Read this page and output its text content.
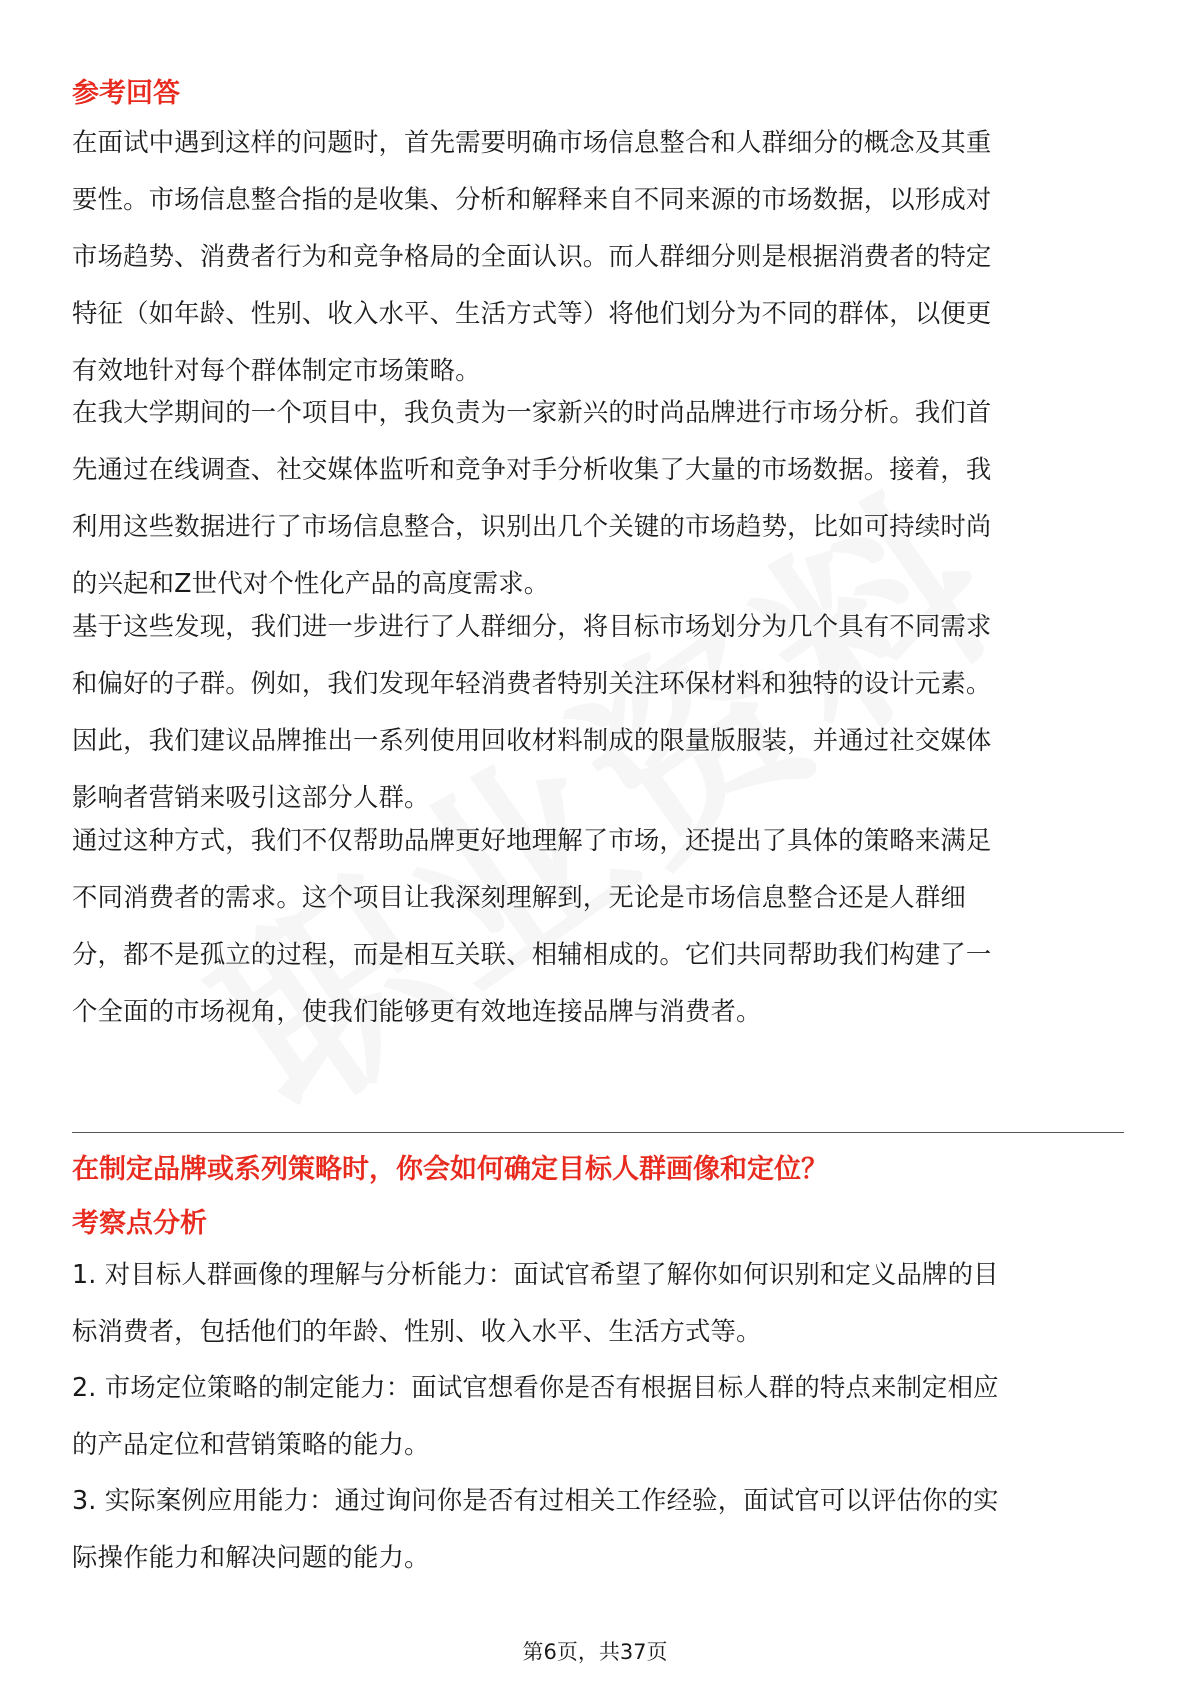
参考回答

在面试中遇到这样的问题时，首先需要明确市场信息整合和人群细分的概念及其重
要性。市场信息整合指的是收集、分析和解释来自不同来源的市场数据，以形成对
市场趋势、消费者行为和竞争格局的全面认识。而人群细分则是根据消费者的特定
特征（如年龄、性别、收入水平、生活方式等）将他们划分为不同的群体，以便更
有效地针对每个群体制定市场策略。

在我大学期间的一个项目中，我负责为一家新兴的时尚品牌进行市场分析。我们首
先通过在线调查、社交媒体监听和竞争对手分析收集了大量的市场数据。接着，我
利用这些数据进行了市场信息整合，识别出几个关键的市场趋势，比如可持续时尚
的兴起和Z世代对个性化产品的高度需求。

基于这些发现，我们进一步进行了人群细分，将目标市场划分为几个具有不同需求
和偏好的子群。例如，我们发现年轻消费者特别关注环保材料和独特的设计元素。
因此，我们建议品牌推出一系列使用回收材料制成的限量版服装，并通过社交媒体
影响者营销来吸引这部分人群。

通过这种方式，我们不仅帮助品牌更好地理解了市场，还提出了具体的策略来满足
不同消费者的需求。这个项目让我深刻理解到，无论是市场信息整合还是人群细
分，都不是孤立的过程，而是相互关联、相辅相成的。它们共同帮助我们构建了一
个全面的市场视角，使我们能够更有效地连接品牌与消费者。

在制定品牌或系列策略时，你会如何确定目标人群画像和定位？
考察点分析

1. 对目标人群画像的理解与分析能力：面试官希望了解你如何识别和定义品牌的目
标消费者，包括他们的年龄、性别、收入水平、生活方式等。

2. 市场定位策略的制定能力：面试官想看你是否有根据目标人群的特点来制定相应
的产品定位和营销策略的能力。

3. 实际案例应用能力：通过询问你是否有过相关工作经验，面试官可以评估你的实
际操作能力和解决问题的能力。

第6页，共37页
